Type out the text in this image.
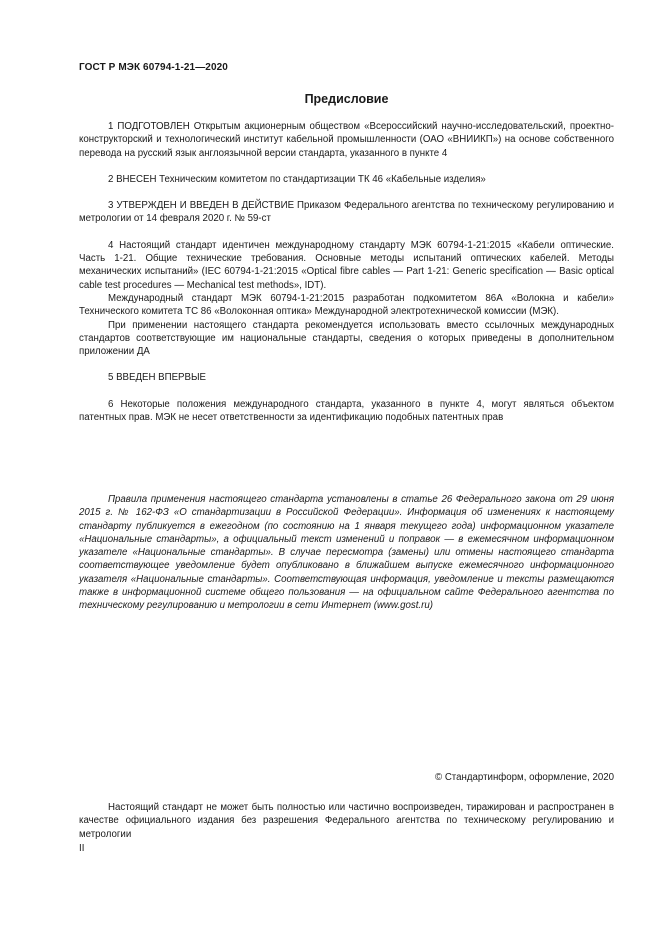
ГОСТ Р МЭК 60794-1-21—2020
Предисловие

1 ПОДГОТОВЛЕН Открытым акционерным обществом «Всероссийский научно-исследовательский, проектно-конструкторский и технологический институт кабельной промышленности (ОАО «ВНИИКП») на основе собственного перевода на русский язык англоязычной версии стандарта, указанного в пункте 4

2 ВНЕСЕН Техническим комитетом по стандартизации ТК 46 «Кабельные изделия»

3 УТВЕРЖДЕН И ВВЕДЕН В ДЕЙСТВИЕ Приказом Федерального агентства по техническому регулированию и метрологии от 14 февраля 2020 г. № 59-ст

4 Настоящий стандарт идентичен международному стандарту МЭК 60794-1-21:2015 «Кабели оптические. Часть 1-21. Общие технические требования. Основные методы испытаний оптических кабелей. Методы механических испытаний» (IEC 60794-1-21:2015 «Optical fibre cables — Part 1-21: Generic specification — Basic optical cable test procedures — Mechanical test methods», IDT).

Международный стандарт МЭК 60794-1-21:2015 разработан подкомитетом 86А «Волокна и кабели» Технического комитета ТС 86 «Волоконная оптика» Международной электротехнической комиссии (МЭК).

При применении настоящего стандарта рекомендуется использовать вместо ссылочных международных стандартов соответствующие им национальные стандарты, сведения о которых приведены в дополнительном приложении ДА

5 ВВЕДЕН ВПЕРВЫЕ

6 Некоторые положения международного стандарта, указанного в пункте 4, могут являться объектом патентных прав. МЭК не несет ответственности за идентификацию подобных патентных прав

Правила применения настоящего стандарта установлены в статье 26 Федерального закона от 29 июня 2015 г. № 162-ФЗ «О стандартизации в Российской Федерации». Информация об изменениях к настоящему стандарту публикуется в ежегодном (по состоянию на 1 января текущего года) информационном указателе «Национальные стандарты», а официальный текст изменений и поправок — в ежемесячном информационном указателе «Национальные стандарты». В случае пересмотра (замены) или отмены настоящего стандарта соответствующее уведомление будет опубликовано в ближайшем выпуске ежемесячного информационного указателя «Национальные стандарты». Соответствующая информация, уведомление и тексты размещаются также в информационной системе общего пользования — на официальном сайте Федерального агентства по техническому регулированию и метрологии в сети Интернет (www.gost.ru)

© Стандартинформ, оформление, 2020

Настоящий стандарт не может быть полностью или частично воспроизведен, тиражирован и распространен в качестве официального издания без разрешения Федерального агентства по техническому регулированию и метрологии

II
